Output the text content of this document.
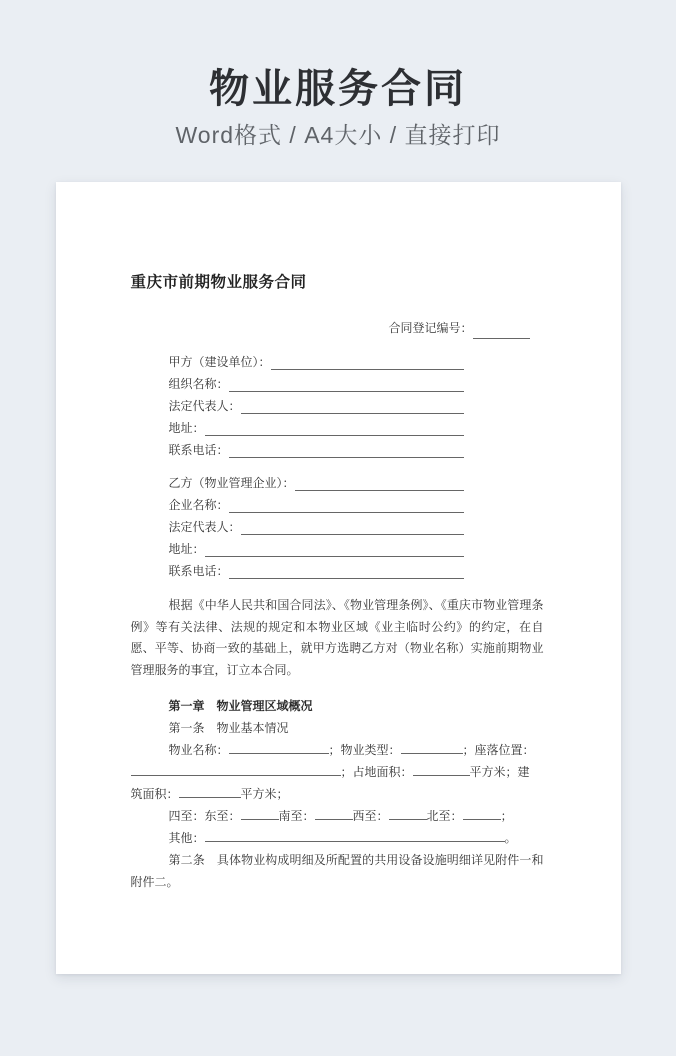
物业服务合同
Word格式 / A4大小 / 直接打印
重庆市前期物业服务合同
合同登记编号：
甲方（建设单位）：
组织名称：
法定代表人：
地址：
联系电话：
乙方（物业管理企业）：
企业名称：
法定代表人：
地址：
联系电话：
根据《中华人民共和国合同法》、《物业管理条例》、《重庆市物业管理条例》等有关法律、法规的规定和本物业区域《业主临时公约》的约定，在自愿、平等、协商一致的基础上，就甲方选聘乙方对（物业名称）实施前期物业管理服务的事宜，订立本合同。
第一章　物业管理区域概况
第一条　物业基本情况
物业名称：	；物业类型：	；座落位置：
；占地面积：	平方米；建
筑面积：	平方米；
四至：东至：	南至：	西至：	北至：	；
其他：	。
第二条　具体物业构成明细及所配置的共用设备设施明细详见附件一和附件二。
